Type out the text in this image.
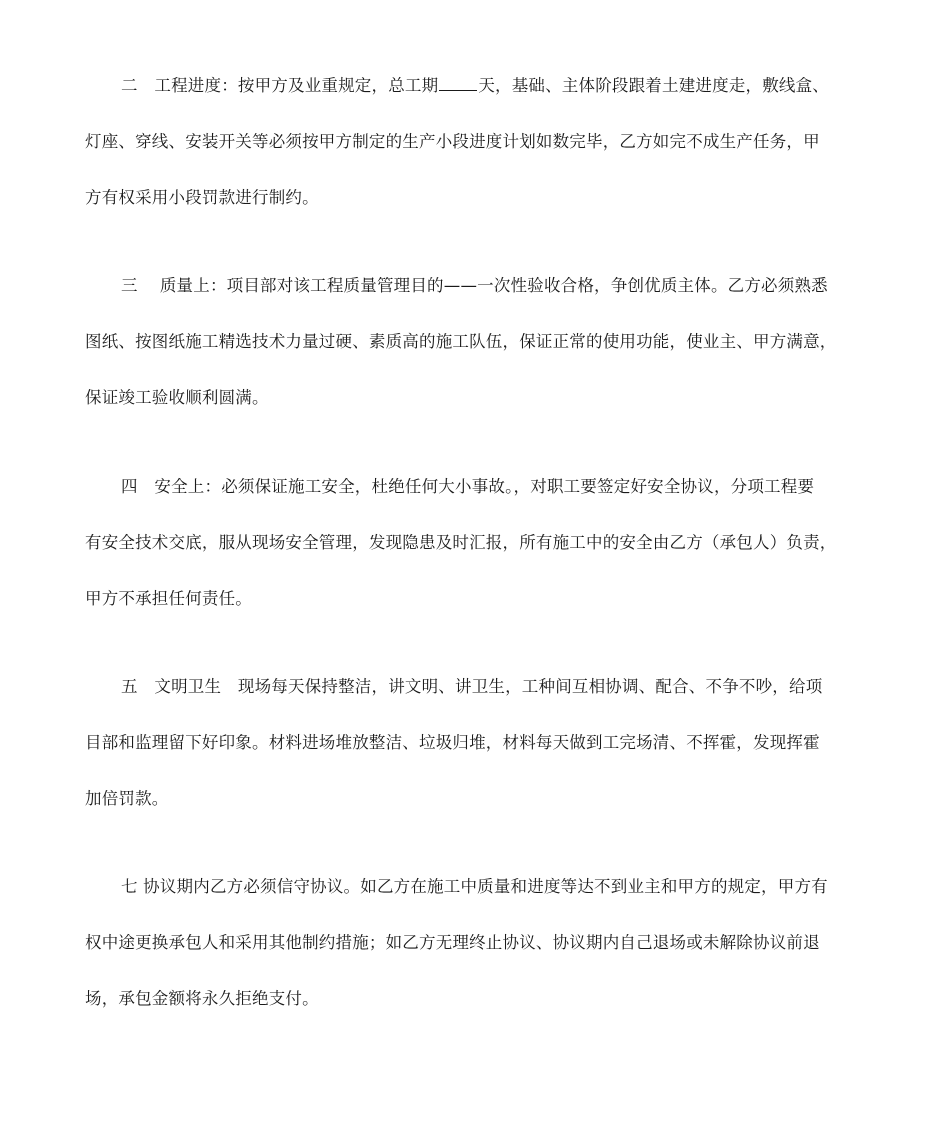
二　工程进度：按甲方及业重规定，总工期 天，基础、主体阶段跟着土建进度走，敷线盒、
灯座、穿线、安装开关等必须按甲方制定的生产小段进度计划如数完毕，乙方如完不成生产任务，甲
方有权采用小段罚款进行制约。
三　 质量上：项目部对该工程质量管理目的——一次性验收合格，争创优质主体。乙方必须熟悉
图纸、按图纸施工精选技术力量过硬、素质高的施工队伍，保证正常的使用功能，使业主、甲方满意，
保证竣工验收顺利圆满。
四　安全上：必须保证施工安全，杜绝任何大小事故。，对职工要签定好安全协议，分项工程要
有安全技术交底，服从现场安全管理，发现隐患及时汇报，所有施工中的安全由乙方（承包人）负责，
甲方不承担任何责任。
五　文明卫生　现场每天保持整洁，讲文明、讲卫生，工种间互相协调、配合、不争不吵，给项
目部和监理留下好印象。材料进场堆放整洁、垃圾归堆，材料每天做到工完场清、不挥霍，发现挥霍
加倍罚款。
七 协议期内乙方必须信守协议。如乙方在施工中质量和进度等达不到业主和甲方的规定，甲方有
权中途更换承包人和采用其他制约措施；如乙方无理终止协议、协议期内自己退场或未解除协议前退
场，承包金额将永久拒绝支付。
